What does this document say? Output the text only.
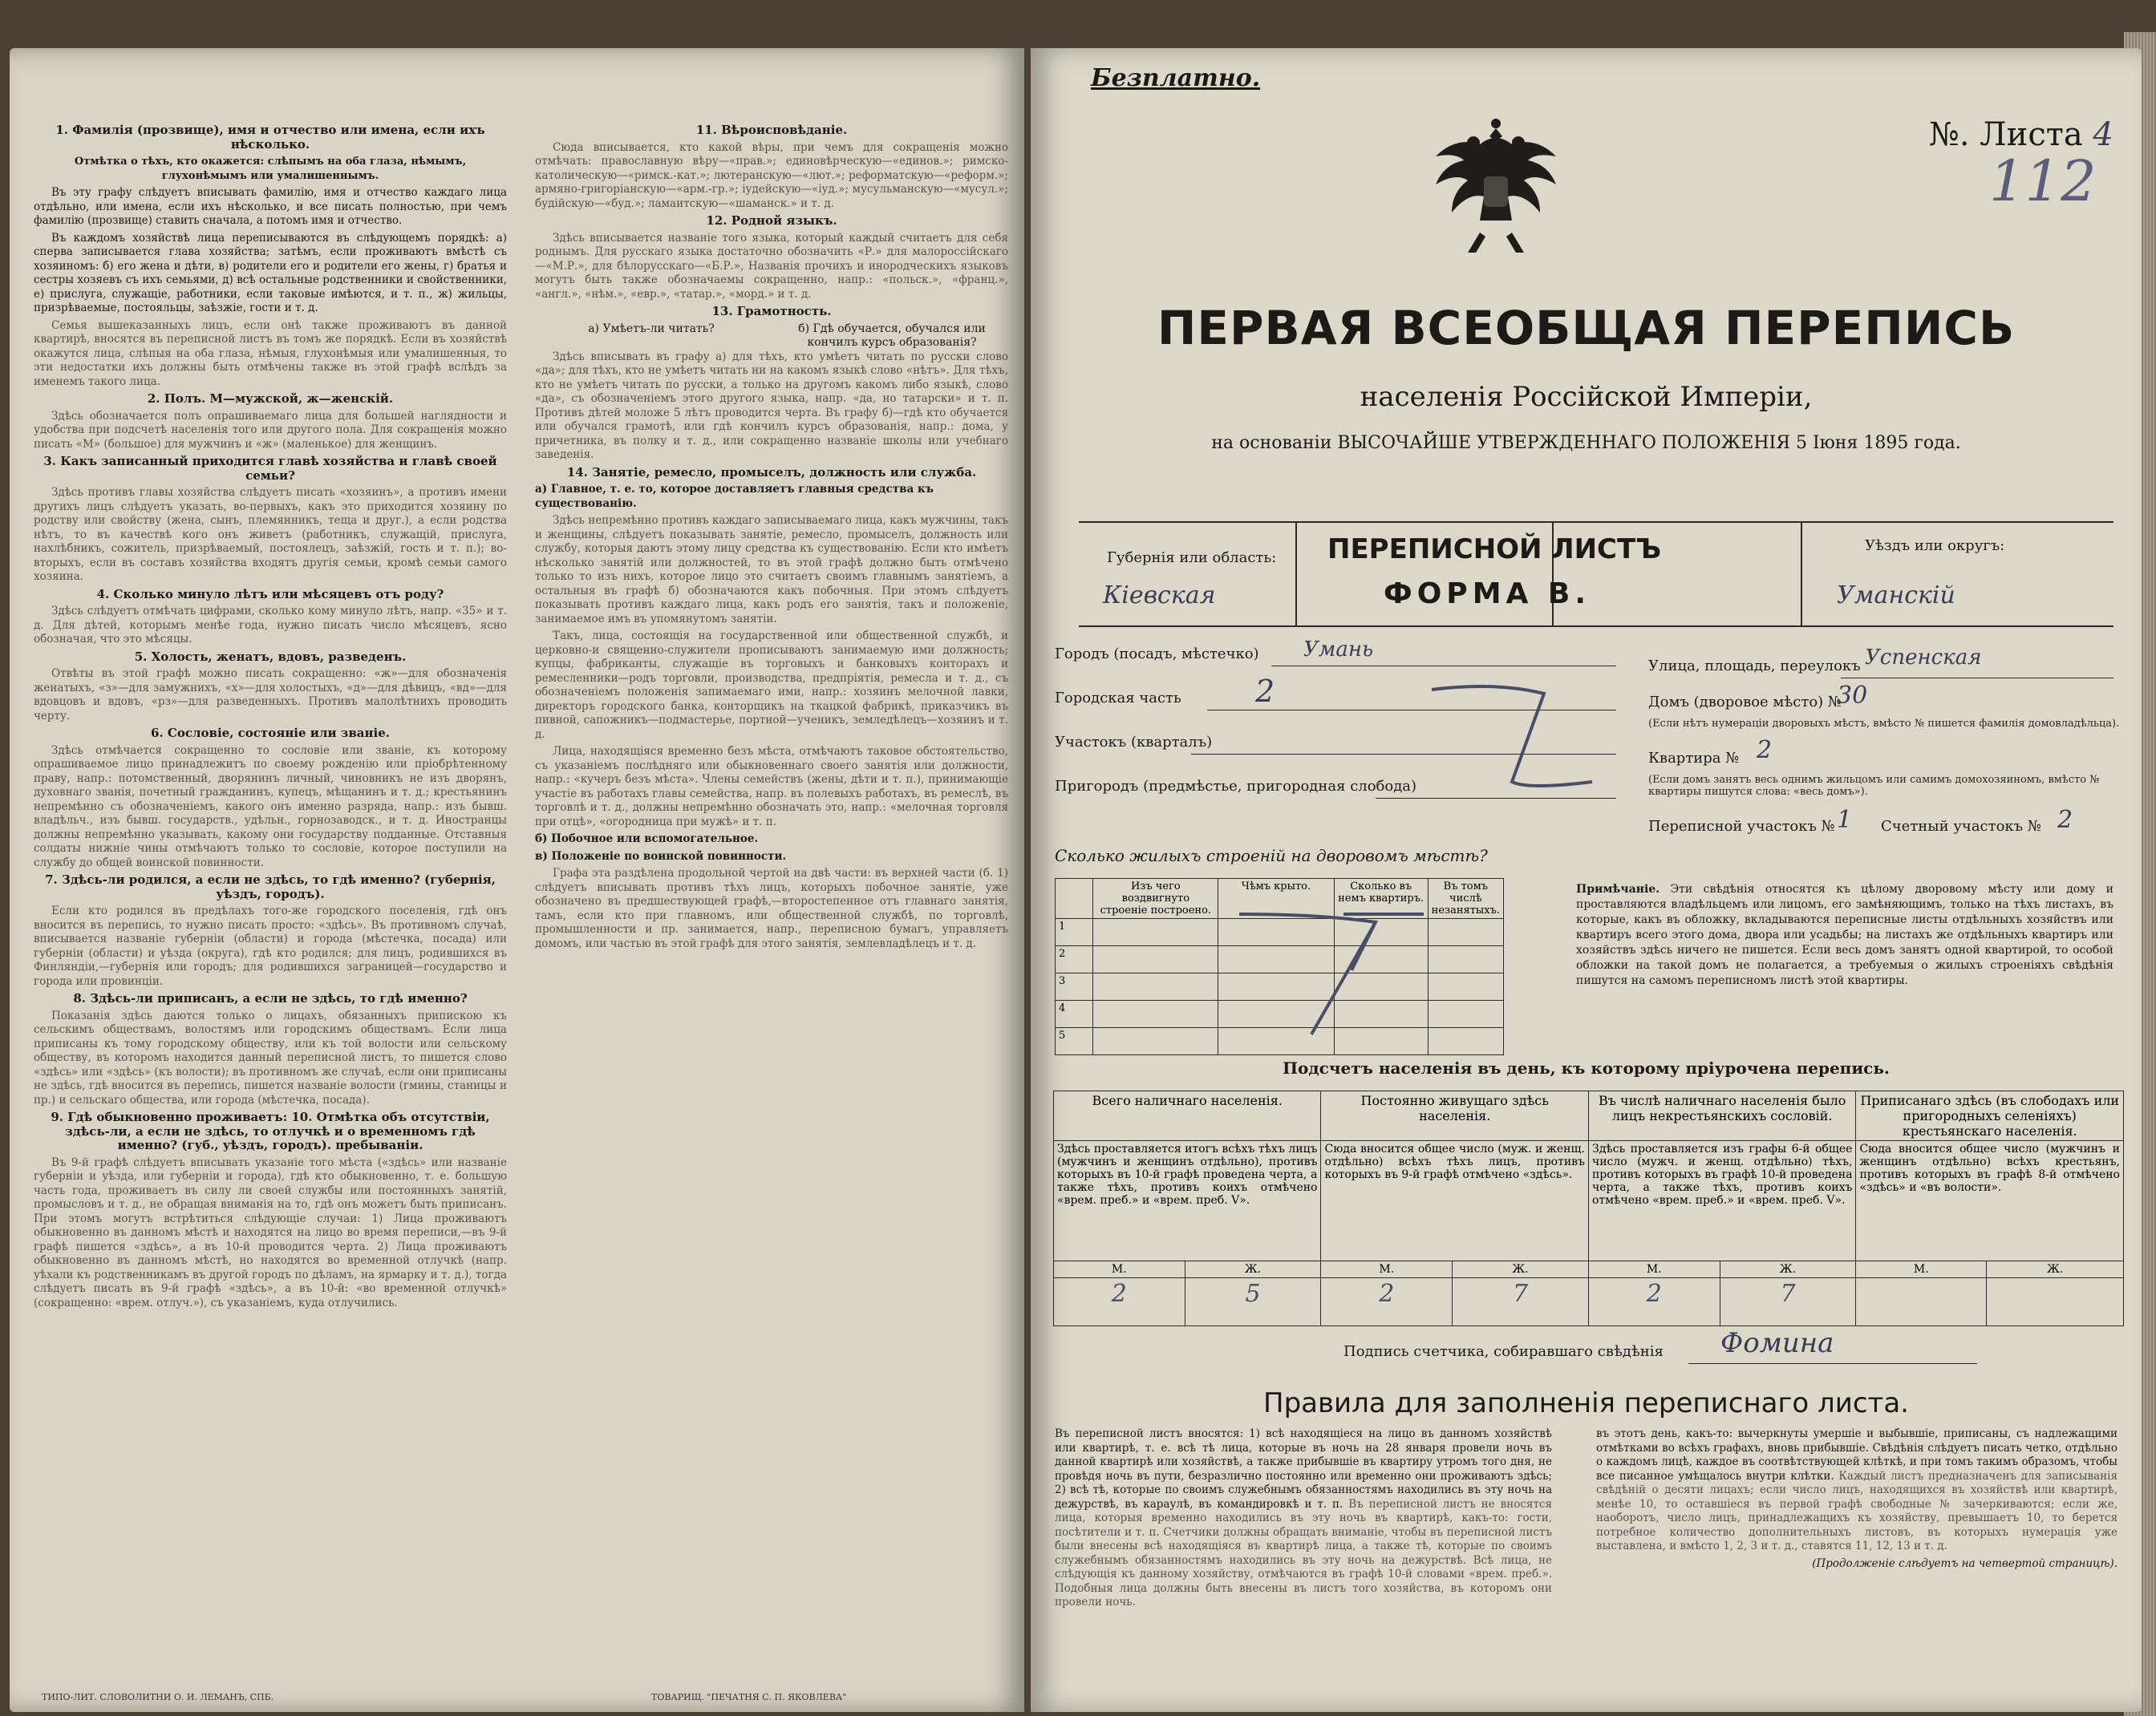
1. Фамилія (прозвище), имя и отчество или имена, если ихъ нѣсколько.
Отмѣтка о тѣхъ, кто окажется: слѣпымъ на оба глаза, нѣмымъ, глухонѣмымъ или умалишеннымъ.

Въ эту графу слѣдуетъ вписывать фамилію, имя и отчество каждаго лица отдѣльно, или имена, если ихъ нѣсколько, и все писать полностью, при чемъ фамилію (прозвище) ставить сначала, а потомъ имя и отчество.

Въ каждомъ хозяйствѣ лица переписываются въ слѣдующемъ порядкѣ: а) сперва записывается глава хозяйства; затѣмъ, если проживаютъ вмѣстѣ съ хозяиномъ: б) его жена и дѣти, в) родители его и родители его жены, г) братья и сестры хозяевъ съ ихъ семьями, д) всѣ остальные родственники и свойственники, е) прислуга, служащіе, работники, если таковые имѣются, и т. п., ж) жильцы, призрѣваемые, постояльцы, заѣзжіе, гости и т. д.

Семья вышеказанныхъ лицъ, если онѣ также проживаютъ въ данной квартирѣ, вносятся въ переписной листъ въ томъ же порядкѣ. Если въ хозяйствѣ окажутся лица, слѣпыя на оба глаза, нѣмыя, глухонѣмыя или умалишенныя, то эти недостатки ихъ должны быть отмѣчены также въ этой графѣ вслѣдъ за именемъ такого лица.

2. Полъ. М—мужской, ж—женскій.

Здѣсь обозначается полъ опрашиваемаго лица для большей наглядности и удобства при подсчетѣ населенія того или другого пола. Для сокращенія можно писать «М» (большое) для мужчинъ и «ж» (маленькое) для женщинъ.

3. Какъ записанный приходится главѣ хозяйства и главѣ своей семьи?

Здѣсь противъ главы хозяйства слѣдуетъ писать «хозяинъ», а противъ имени другихъ лицъ слѣдуетъ указать, во-первыхъ, какъ это приходится хозяину по родству или свойству (жена, сынъ, племянникъ, теща и друг.), а если родства нѣтъ, то въ качествѣ кого онъ живетъ (работникъ, служащій, прислуга, нахлѣбникъ, сожитель, призрѣваемый, постоялецъ, заѣзжій, гость и т. п.); во-вторыхъ, если въ составъ хозяйства входятъ другія семьи, кромѣ семьи самого хозяина.

4. Сколько минуло лѣтъ или мѣсяцевъ отъ роду?

Здѣсь слѣдуетъ отмѣчать цифрами, сколько кому минуло лѣтъ, напр. «35» и т. д. Для дѣтей, которымъ менѣе года, нужно писать число мѣсяцевъ, ясно обозначая, что это мѣсяцы.

5. Холость, женатъ, вдовъ, разведенъ.

Отвѣты въ этой графѣ можно писать сокращенно: «ж»—для обозначенія женатыхъ, «з»—для замужнихъ, «х»—для холостыхъ, «д»—для дѣвицъ, «вд»—для вдовцовъ и вдовъ, «рз»—для разведенныхъ. Противъ малолѣтнихъ проводить черту.

6. Сословіе, состояніе или званіе.

Здѣсь отмѣчается сокращенно то сословіе или званіе, къ которому опрашиваемое лицо принадлежитъ по своему рожденію или пріобрѣтенному праву, напр.: потомственный, дворянинъ личный, чиновникъ не изъ дворянъ, духовнаго званія, почетный гражданинъ, купецъ, мѣщанинъ и т. д.; крестьянинъ непремѣнно съ обозначеніемъ, какого онъ именно разряда, напр.: изъ бывш. владѣльч., изъ бывш. государств., удѣльн., горнозаводск., и т. д. Иностранцы должны непремѣнно указывать, какому они государству подданные. Отставныя солдаты нижніе чины отмѣчаютъ только то сословіе, которое поступили на службу до общей воинской повинности.

7. Здѣсь-ли родился, а если не здѣсь, то гдѣ именно? (губернія, уѣздъ, городъ).

Если кто родился въ предѣлахъ того-же городского поселенія, гдѣ онъ вносится въ перепись, то нужно писать просто: «здѣсь». Въ противномъ случаѣ, вписывается названіе губерніи (области) и города (мѣстечка, посада) или губерніи (области) и уѣзда (округа), гдѣ кто родился; для лицъ, родившихся въ Финляндіи,—губернія или городъ; для родившихся заграницей—государство и города или провинціи.

8. Здѣсь-ли приписанъ, а если не здѣсь, то гдѣ именно?

Показанія здѣсь даются только о лицахъ, обязанныхъ припискою къ сельскимъ обществамъ, волостямъ или городскимъ обществамъ. Если лица приписаны къ тому городскому обществу, или къ той волости или сельскому обществу, въ которомъ находится данный переписной листъ, то пишется слово «здѣсь» или «здѣсь» (къ волости); въ противномъ же случаѣ, если они приписаны не здѣсь, гдѣ вносится въ перепись, пишется названіе волости (гмины, станицы и пр.) и сельскаго общества, или города (мѣстечка, посада).

9. Гдѣ обыкновенно проживаетъ: 10. Отмѣтка объ отсутствіи, здѣсь-ли, а если не здѣсь, то отлучкѣ и о временномъ гдѣ именно? (губ., уѣздъ, городъ). пребываніи.

Въ 9-й графѣ слѣдуетъ вписывать указаніе того мѣста («здѣсь» или названіе губерніи и уѣзда, или губерніи и города), гдѣ кто обыкновенно, т. е. большую часть года, проживаетъ въ силу ли своей службы или постоянныхъ занятій, промысловъ и т. д., не обращая вниманія на то, гдѣ онъ можетъ быть приписанъ. При этомъ могутъ встрѣтиться слѣдующіе случаи: 1) Лица проживаютъ обыкновенно въ данномъ мѣстѣ и находятся на лицо во время переписи,—въ 9-й графѣ пишется «здѣсь», а въ 10-й проводится черта. 2) Лица проживаютъ обыкновенно въ данномъ мѣстѣ, но находятся во временной отлучкѣ (напр. уѣхали къ родственникамъ въ другой городъ по дѣламъ, на ярмарку и т. д.), тогда слѣдуетъ писать въ 9-й графѣ «здѣсь», а въ 10-й: «во временной отлучкѣ» (сокращенно: «врем. отлуч.»), съ указаніемъ, куда отлучились.

11. Вѣроисповѣданіе.

Сюда вписывается, кто какой вѣры, при чемъ для сокращенія можно отмѣчать: православную вѣру—«прав.»; единовѣрческую—«единов.»; римско-католическую—«римск.-кат.»; лютеранскую—«лют.»; реформатскую—«реформ.»; армяно-григоріанскую—«арм.-гр.»; іудейскую—«іуд.»; мусульманскую—«мусул.»; будійскую—«буд.»; ламаитскую—«шаманск.» и т. д.

12. Родной языкъ.

Здѣсь вписывается названіе того языка, который каждый считаетъ для себя роднымъ. Для русскаго языка достаточно обозначить «Р.» для малороссійскаго—«М.Р.», для бѣлорусскаго—«Б.Р.», Названія прочихъ и инородческихъ языковъ могутъ быть также обозначаемы сокращенно, напр.: «польск.», «франц.», «англ.», «нѣм.», «евр.», «татар.», «морд.» и т. д.

13. Грамотность.
а) Умѣетъ-ли читать?	б) Гдѣ обучается, обучался или кончилъ курсъ образованія?

Здѣсь вписывать въ графу а) для тѣхъ, кто умѣетъ читать по русски слово «да»; для тѣхъ, кто не умѣетъ читать ни на какомъ языкѣ слово «нѣтъ». Для тѣхъ, кто не умѣетъ читать по русски, а только на другомъ какомъ либо языкѣ, слово «да», съ обозначеніемъ этого другого языка, напр. «да, но татарски» и т. п. Противъ дѣтей моложе 5 лѣтъ проводится черта. Въ графу б)—гдѣ кто обучается или обучался грамотѣ, или гдѣ кончилъ курсъ образованія, напр.: дома, у причетника, въ полку и т. д., или сокращенно названіе школы или учебнаго заведенія.

14. Занятіе, ремесло, промыселъ, должность или служба.
а) Главное, т. е. то, которое доставляетъ главныя средства къ существованію.

Здѣсь непремѣнно противъ каждаго записываемаго лица, какъ мужчины, такъ и женщины, слѣдуетъ показывать занятіе, ремесло, промыселъ, должность или службу, которыя даютъ этому лицу средства къ существованію. Если кто имѣетъ нѣсколько занятій или должностей, то въ этой графѣ должно быть отмѣчено только то изъ нихъ, которое лицо это считаетъ своимъ главнымъ занятіемъ, а остальныя въ графѣ б) обозначаются какъ побочныя. При этомъ слѣдуетъ показывать противъ каждаго лица, какъ родъ его занятія, такъ и положеніе, занимаемое имъ въ упомянутомъ занятіи.

Такъ, лица, состоящія на государственной или общественной службѣ, и церковно-и священно-служители прописываютъ занимаемую ими должность; купцы, фабриканты, служащіе въ торговыхъ и банковыхъ конторахъ и ремесленники—родъ торговли, производства, предпріятія, ремесла и т. д., съ обозначеніемъ положенія запимаемаго ими, напр.: хозяинъ мелочной лавки, директоръ городского банка, конторщикъ на ткацкой фабрикѣ, приказчикъ въ пивной, сапожникъ—подмастерье, портной—ученикъ, земледѣлецъ—хозяинъ и т. д.

Лица, находящіяся временно безъ мѣста, отмѣчаютъ таковое обстоятельство, съ указаніемъ послѣдняго или обыкновеннаго своего занятія или должности, напр.: «кучеръ безъ мѣста». Члены семействъ (жены, дѣти и т. п.), принимающіе участіе въ работахъ главы семейства, напр. въ полевыхъ работахъ, въ ремеслѣ, въ торговлѣ и т. д., должны непремѣнно обозначать это, напр.: «мелочная торговля при отцѣ», «огородница при мужѣ» и т. п.

б) Побочное или вспомогательное.
в) Положеніе по воинской повинности.

Графа эта раздѣлена продольной чертой на двѣ части: въ верхней части (б. 1) слѣдуетъ вписывать противъ тѣхъ лицъ, которыхъ побочное занятіе, уже обозначено въ предшествующей графѣ,—второстепенное отъ главнаго занятія, тамъ, если кто при главномъ, или общественной службѣ, по торговлѣ, промышленности и пр. занимается, напр., переписною бумагъ, управляетъ домомъ, или частью въ этой графѣ для этого занятія, землевладѣлецъ и т. д.

ТИПО-ЛИТ. СЛОВОЛИТНИ О. И. ЛЕМАНЪ, СПБ.	ТОВАРИЩ. "ПЕЧАТНЯ С. П. ЯКОВЛЕВА"
Безплатно.
№. Листа 4
112
ПЕРВАЯ ВСЕОБЩАЯ ПЕРЕПИСЬ
населенія Россійской Имперіи,
на основаніи ВЫСОЧАЙШЕ УТВЕРЖДЕННАГО ПОЛОЖЕНІЯ 5 Іюня 1895 года.
Губернія или область:
Кіевская
ПЕРЕПИСНОЙ ЛИСТЪ
ФОРМА В.
Уѣздъ или округъ:
Уманскій
Городъ (посадъ, мѣстечко) Умань
Улица, площадь, переулокъ Успенская
Городская часть 2	Домъ (дворовое мѣсто) №
30
(Если нѣтъ нумераціи дворовыхъ мѣстъ, вмѣсто № пишется фамилія домовладѣльца).
Участокъ (кварталъ)
Квартира № 2
(Если домъ занятъ весь однимъ жильцомъ или самимъ домохозяиномъ, вмѣсто № квартиры пишутся слова: «весь домъ»).
Пригородъ (предмѣстье, пригородная слобода)
Переписной участокъ № 1 Счетный участокъ № 2
Сколько жилыхъ строеній на дворовомъ мѣстѣ?
	Изъ чего воздвигнуто строеніе построено.	Чѣмъ крыто.	Сколько въ немъ квартиръ.	Въ томъ числѣ незанятыхъ.
1				
2				
3				
4				
5				
Примѣчаніе. Эти свѣдѣнія относятся къ цѣлому дворовому мѣсту или дому и проставляются владѣльцемъ или лицомъ, его замѣняющимъ, только на тѣхъ листахъ, въ которые, какъ въ обложку, вкладываются переписные листы отдѣльныхъ хозяйствъ или квартиръ всего этого дома, двора или усадьбы; на листахъ же отдѣльныхъ квартиръ или хозяйствъ здѣсь ничего не пишется. Если весь домъ занятъ одной квартирой, то особой обложки на такой домъ не полагается, а требуемыя о жилыхъ строеніяхъ свѣдѣнія пишутся на самомъ переписномъ листѣ этой квартиры.
Подсчетъ населенія въ день, къ которому пріурочена перепись.
Всего наличнаго населенія.		Постоянно живущаго здѣсь населенія.		Въ числѣ наличнаго населенія было лицъ некрестьянскихъ сословій.		Приписанаго здѣсь (въ слободахъ или пригородныхъ селеніяхъ) крестьянскаго населенія.	
Здѣсь проставляется итогъ всѣхъ тѣхъ лицъ (мужчинъ и женщинъ отдѣльно), противъ которыхъ въ 10-й графѣ проведена черта, а также тѣхъ, противъ коихъ отмѣчено «врем. преб.» и «врем. преб. V».		Сюда вносится общее число (муж. и женщ. отдѣльно) всѣхъ тѣхъ лицъ, противъ которыхъ въ 9-й графѣ отмѣчено «здѣсь».		Здѣсь проставляется изъ графы 6-й общее число (мужч. и женщ. отдѣльно) тѣхъ, противъ которыхъ въ графѣ 10-й проведена черта, а также тѣхъ, противъ коихъ отмѣчено «врем. преб.» и «врем. преб. V».		Сюда вносится общее число (мужчинъ и женщинъ отдѣльно) всѣхъ крестьянъ, противъ которыхъ въ графѣ 8-й отмѣчено «здѣсь» и «въ волости».	
М.	Ж.	М.	Ж.	М.	Ж.	М.	Ж.
2	5	2	7	2	7		
Подпись счетчика, собиравшаго свѣдѣнія Фомина
Правила для заполненія переписнаго листа.
Въ переписной листъ вносятся: 1) всѣ находящіеся на лицо въ данномъ хозяйствѣ или квартирѣ, т. е. всѣ тѣ лица, которые въ ночь на 28 января провели ночь въ данной квартирѣ или хозяйствѣ, а также прибывшіе въ квартиру утромъ того дня, не провѣдя ночь въ пути, безразлично постоянно или временно они проживаютъ здѣсь; 2) всѣ тѣ, которые по своимъ служебнымъ обязанностямъ находились въ эту ночь на дежурствѣ, въ караулѣ, въ командировкѣ и т. п. Въ переписной листъ не вносятся лица, которыя временно находились въ эту ночь въ квартирѣ, какъ-то: гости, посѣтители и т. п. Счетчики должны обращать вниманіе, чтобы въ переписной листъ были внесены всѣ находящіяся въ квартирѣ лица, а также тѣ, которые по своимъ служебнымъ обязанностямъ находились въ эту ночь на дежурствѣ. Всѣ лица, не слѣдующія къ данному хозяйству, отмѣчаются въ графѣ 10-й словами «врем. преб.». Подобныя лица должны быть внесены въ листъ того хозяйства, въ которомъ они провели ночь.
въ этотъ день, какъ-то: вычеркнуты умершіе и выбывшіе, приписаны, съ надлежащими отмѣтками во всѣхъ графахъ, вновь прибывшіе. Свѣдѣнія слѣдуетъ писать четко, отдѣльно о каждомъ лицѣ, каждое въ соотвѣтствующей клѣткѣ, и при томъ такимъ образомъ, чтобы все писанное умѣщалось внутри клѣтки. Каждый листъ предназначенъ для записыванія свѣдѣній о десяти лицахъ; если число лицъ, находящихся въ хозяйствѣ или квартирѣ, менѣе 10, то оставшіеся въ первой графѣ свободные № зачеркиваются; если же, наоборотъ, число лицъ, принадлежащихъ къ хозяйству, превышаетъ 10, то берется потребное количество дополнительныхъ листовъ, въ которыхъ нумерація уже выставлена, и вмѣсто 1, 2, 3 и т. д., ставятся 11, 12, 13 и т. д.
(Продолженіе слѣдуетъ на четвертой страницѣ).
